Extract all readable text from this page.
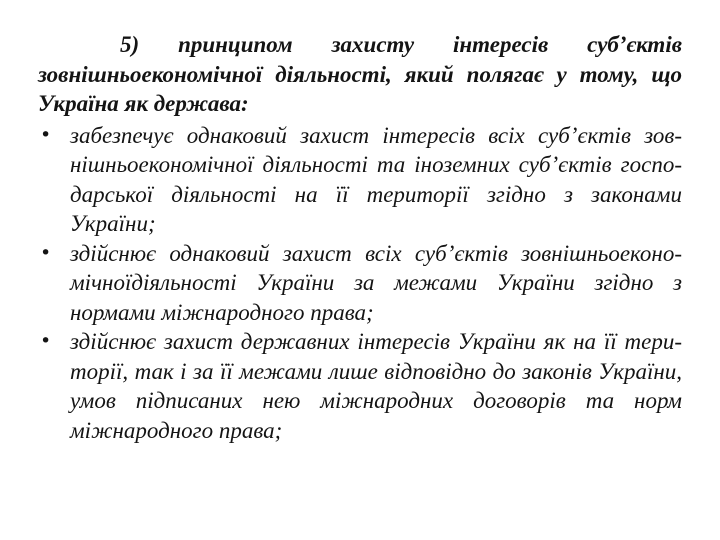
5) принципом захисту інтересів суб’єктів зовнішньоекономічної діяльності, який полягає у тому, що Україна як держава:

• забезпечує однаковий захист інтересів всіх суб’єктів зов-нішньоекономічної діяльності та іноземних суб’єктів госпо-дарської діяльності на її території згідно з законами України;
• здійснює однаковий захист всіх суб’єктів зовнішньоеконо-мічноїдіяльності України за межами України згідно з нормами міжнародного права;
• здійснює захист державних інтересів України як на її тери-торії, так і за її межами лише відповідно до законів України, умов підписаних нею міжнародних договорів та норм міжнародного права;
